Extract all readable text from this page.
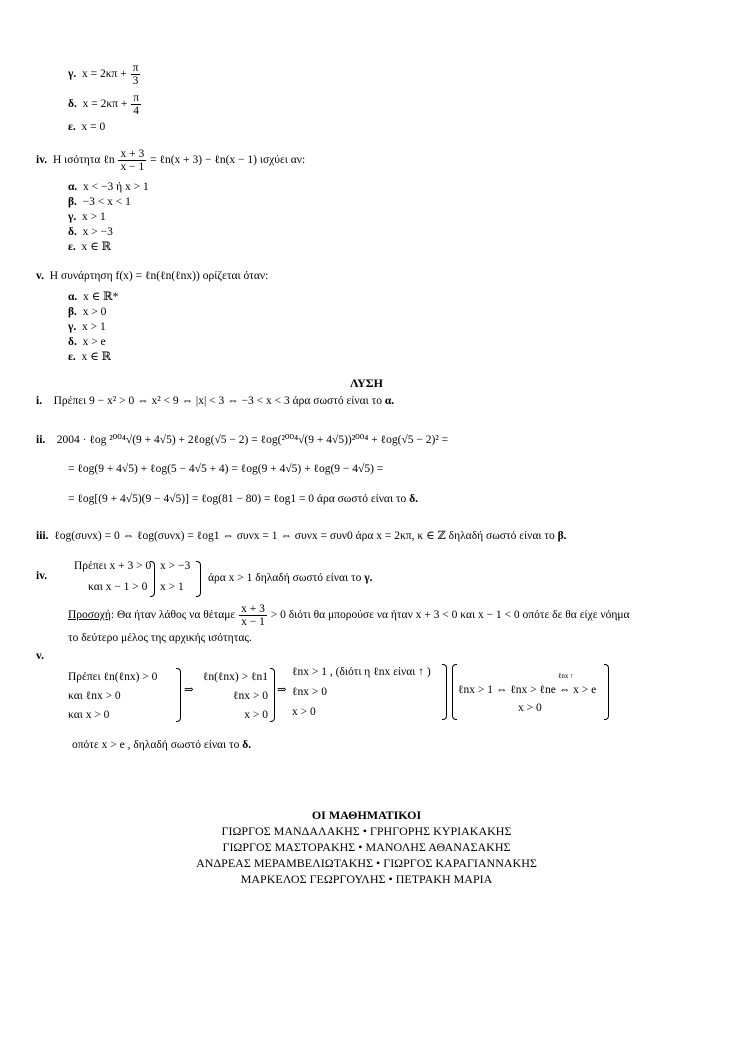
γ. $x = 2\kappa\pi + \frac{\pi}{3}$
δ. $x = 2\kappa\pi + \frac{\pi}{4}$
ε. x = 0
iv. Η ισότητα ℓn $\frac{x + 3}{x - 1}$ = ℓn(x + 3) − ℓn(x − 1) ισχύει αν:
α. x < −3 ή x > 1
β. −3 < x < 1
γ. x > 1
δ. x > −3
ε. x ∈ ℝ
v. Η συνάρτηση f(x) = ℓn(ℓn(ℓnx)) ορίζεται όταν:
α. x ∈ ℝ*
β. x > 0
γ. x > 1
δ. x > e
ε. x ∈ ℝ
ΛΥΣΗ
i. Πρέπει 9 − x² > 0 ⇔ x² < 9 ⇔ |x| < 3 ⇔ −3 < x < 3 άρα σωστό είναι το α.
ii. 2004 · ℓog ²⁰⁰⁴√(9 + 4√5) + 2ℓog(√5 − 2) = ℓog(²⁰⁰⁴√(9 + 4√5))²⁰⁰⁴ + ℓog(√5 − 2)² =
= ℓog(9 + 4√5) + ℓog(5 − 4√5 + 4) = ℓog(9 + 4√5) + ℓog(9 − 4√5) =
= ℓog[(9 + 4√5)(9 − 4√5)] = ℓog(81 − 80) = ℓog1 = 0 άρα σωστό είναι το δ.
iii. ℓog(συνx) = 0 ⇔ ℓog(συνx) = ℓog1 ⇔ συνx = 1 ⇔ συνx = συν0 άρα x = 2κπ, κ ∈ ℤ δηλαδή σωστό είναι το β.
iv.
Πρέπει x + 3 > 0
και x − 1 > 0
x > −3
x > 1
άρα x > 1 δηλαδή σωστό είναι το γ.
Προσοχή: Θα ήταν λάθος να θέταμε $\frac{x + 3}{x - 1} > 0$ διότι θα μπορούσε να ήταν x + 3 < 0 και x − 1 < 0 οπότε δε θα είχε νόημα
το δεύτερο μέλος της αρχικής ισότητας.
v.
Πρέπει ℓn(ℓnx) > 0
και ℓnx > 0
και x > 0
⇒
ℓn(ℓnx) > ℓn1
ℓnx > 0
x > 0
⇒
ℓnx > 1 , (διότι η ℓnx είναι ↑ )
ℓnx > 0
x > 0
ℓnx ↑
ℓnx > 1 ⇔ ℓnx > ℓne ⇔ x > e
x > 0
οπότε x > e , δηλαδή σωστό είναι το δ.
ΟΙ ΜΑΘΗΜΑΤΙΚΟΙ
ΓΙΩΡΓΟΣ ΜΑΝΔΑΛΑΚΗΣ • ΓΡΗΓΟΡΗΣ ΚΥΡΙΑΚΑΚΗΣ
ΓΙΩΡΓΟΣ ΜΑΣΤΟΡΑΚΗΣ • ΜΑΝΟΛΗΣ ΑΘΑΝΑΣΑΚΗΣ
ΑΝΔΡΕΑΣ ΜΕΡΑΜΒΕΛΙΩΤΑΚΗΣ • ΓΙΩΡΓΟΣ ΚΑΡΑΓΙΑΝΝΑΚΗΣ
ΜΑΡΚΕΛΟΣ ΓΕΩΡΓΟΥΛΗΣ • ΠΕΤΡΑΚΗ ΜΑΡΙΑ
